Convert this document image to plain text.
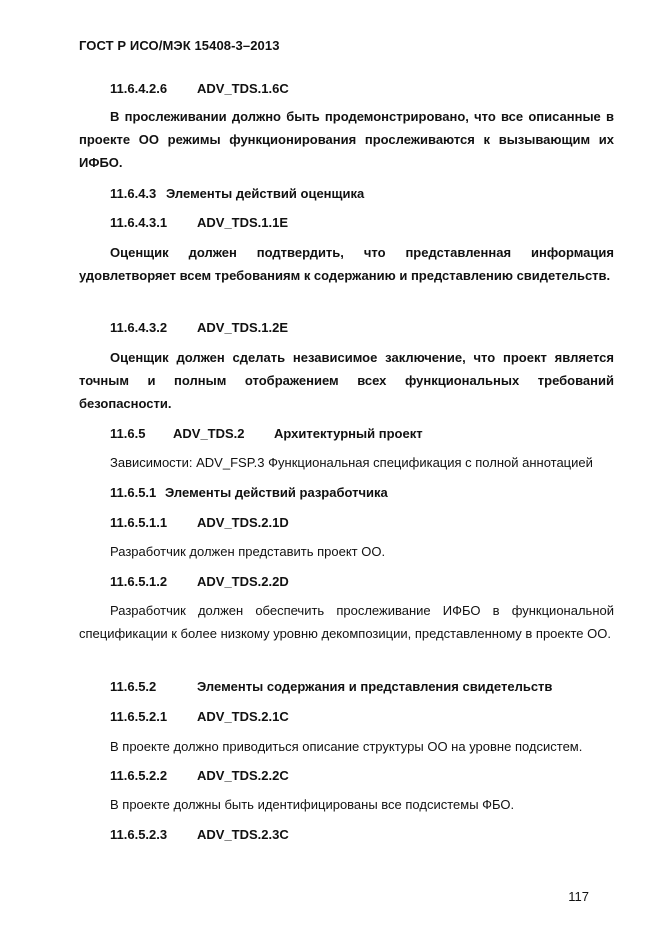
ГОСТ Р ИСО/МЭК 15408-3–2013
11.6.4.2.6 ADV_TDS.1.6C
В прослеживании должно быть продемонстрировано, что все описанные в проекте ОО режимы функционирования прослеживаются к вызывающим их ИФБО.
11.6.4.3 Элементы действий оценщика
11.6.4.3.1 ADV_TDS.1.1E
Оценщик должен подтвердить, что представленная информация удовлетворяет всем требованиям к содержанию и представлению свидетельств.
11.6.4.3.2 ADV_TDS.1.2E
Оценщик должен сделать независимое заключение, что проект является точным и полным отображением всех функциональных требований безопасности.
11.6.5 ADV_TDS.2 Архитектурный проект
Зависимости: ADV_FSP.3 Функциональная спецификация с полной аннотацией
11.6.5.1 Элементы действий разработчика
11.6.5.1.1 ADV_TDS.2.1D
Разработчик должен представить проект ОО.
11.6.5.1.2 ADV_TDS.2.2D
Разработчик должен обеспечить прослеживание ИФБО в функциональной спецификации к более низкому уровню декомпозиции, представленному в проекте ОО.
11.6.5.2	Элементы содержания и представления свидетельств
11.6.5.2.1 ADV_TDS.2.1C
В проекте должно приводиться описание структуры ОО на уровне подсистем.
11.6.5.2.2 ADV_TDS.2.2C
В проекте должны быть идентифицированы все подсистемы ФБО.
11.6.5.2.3 ADV_TDS.2.3C
117
